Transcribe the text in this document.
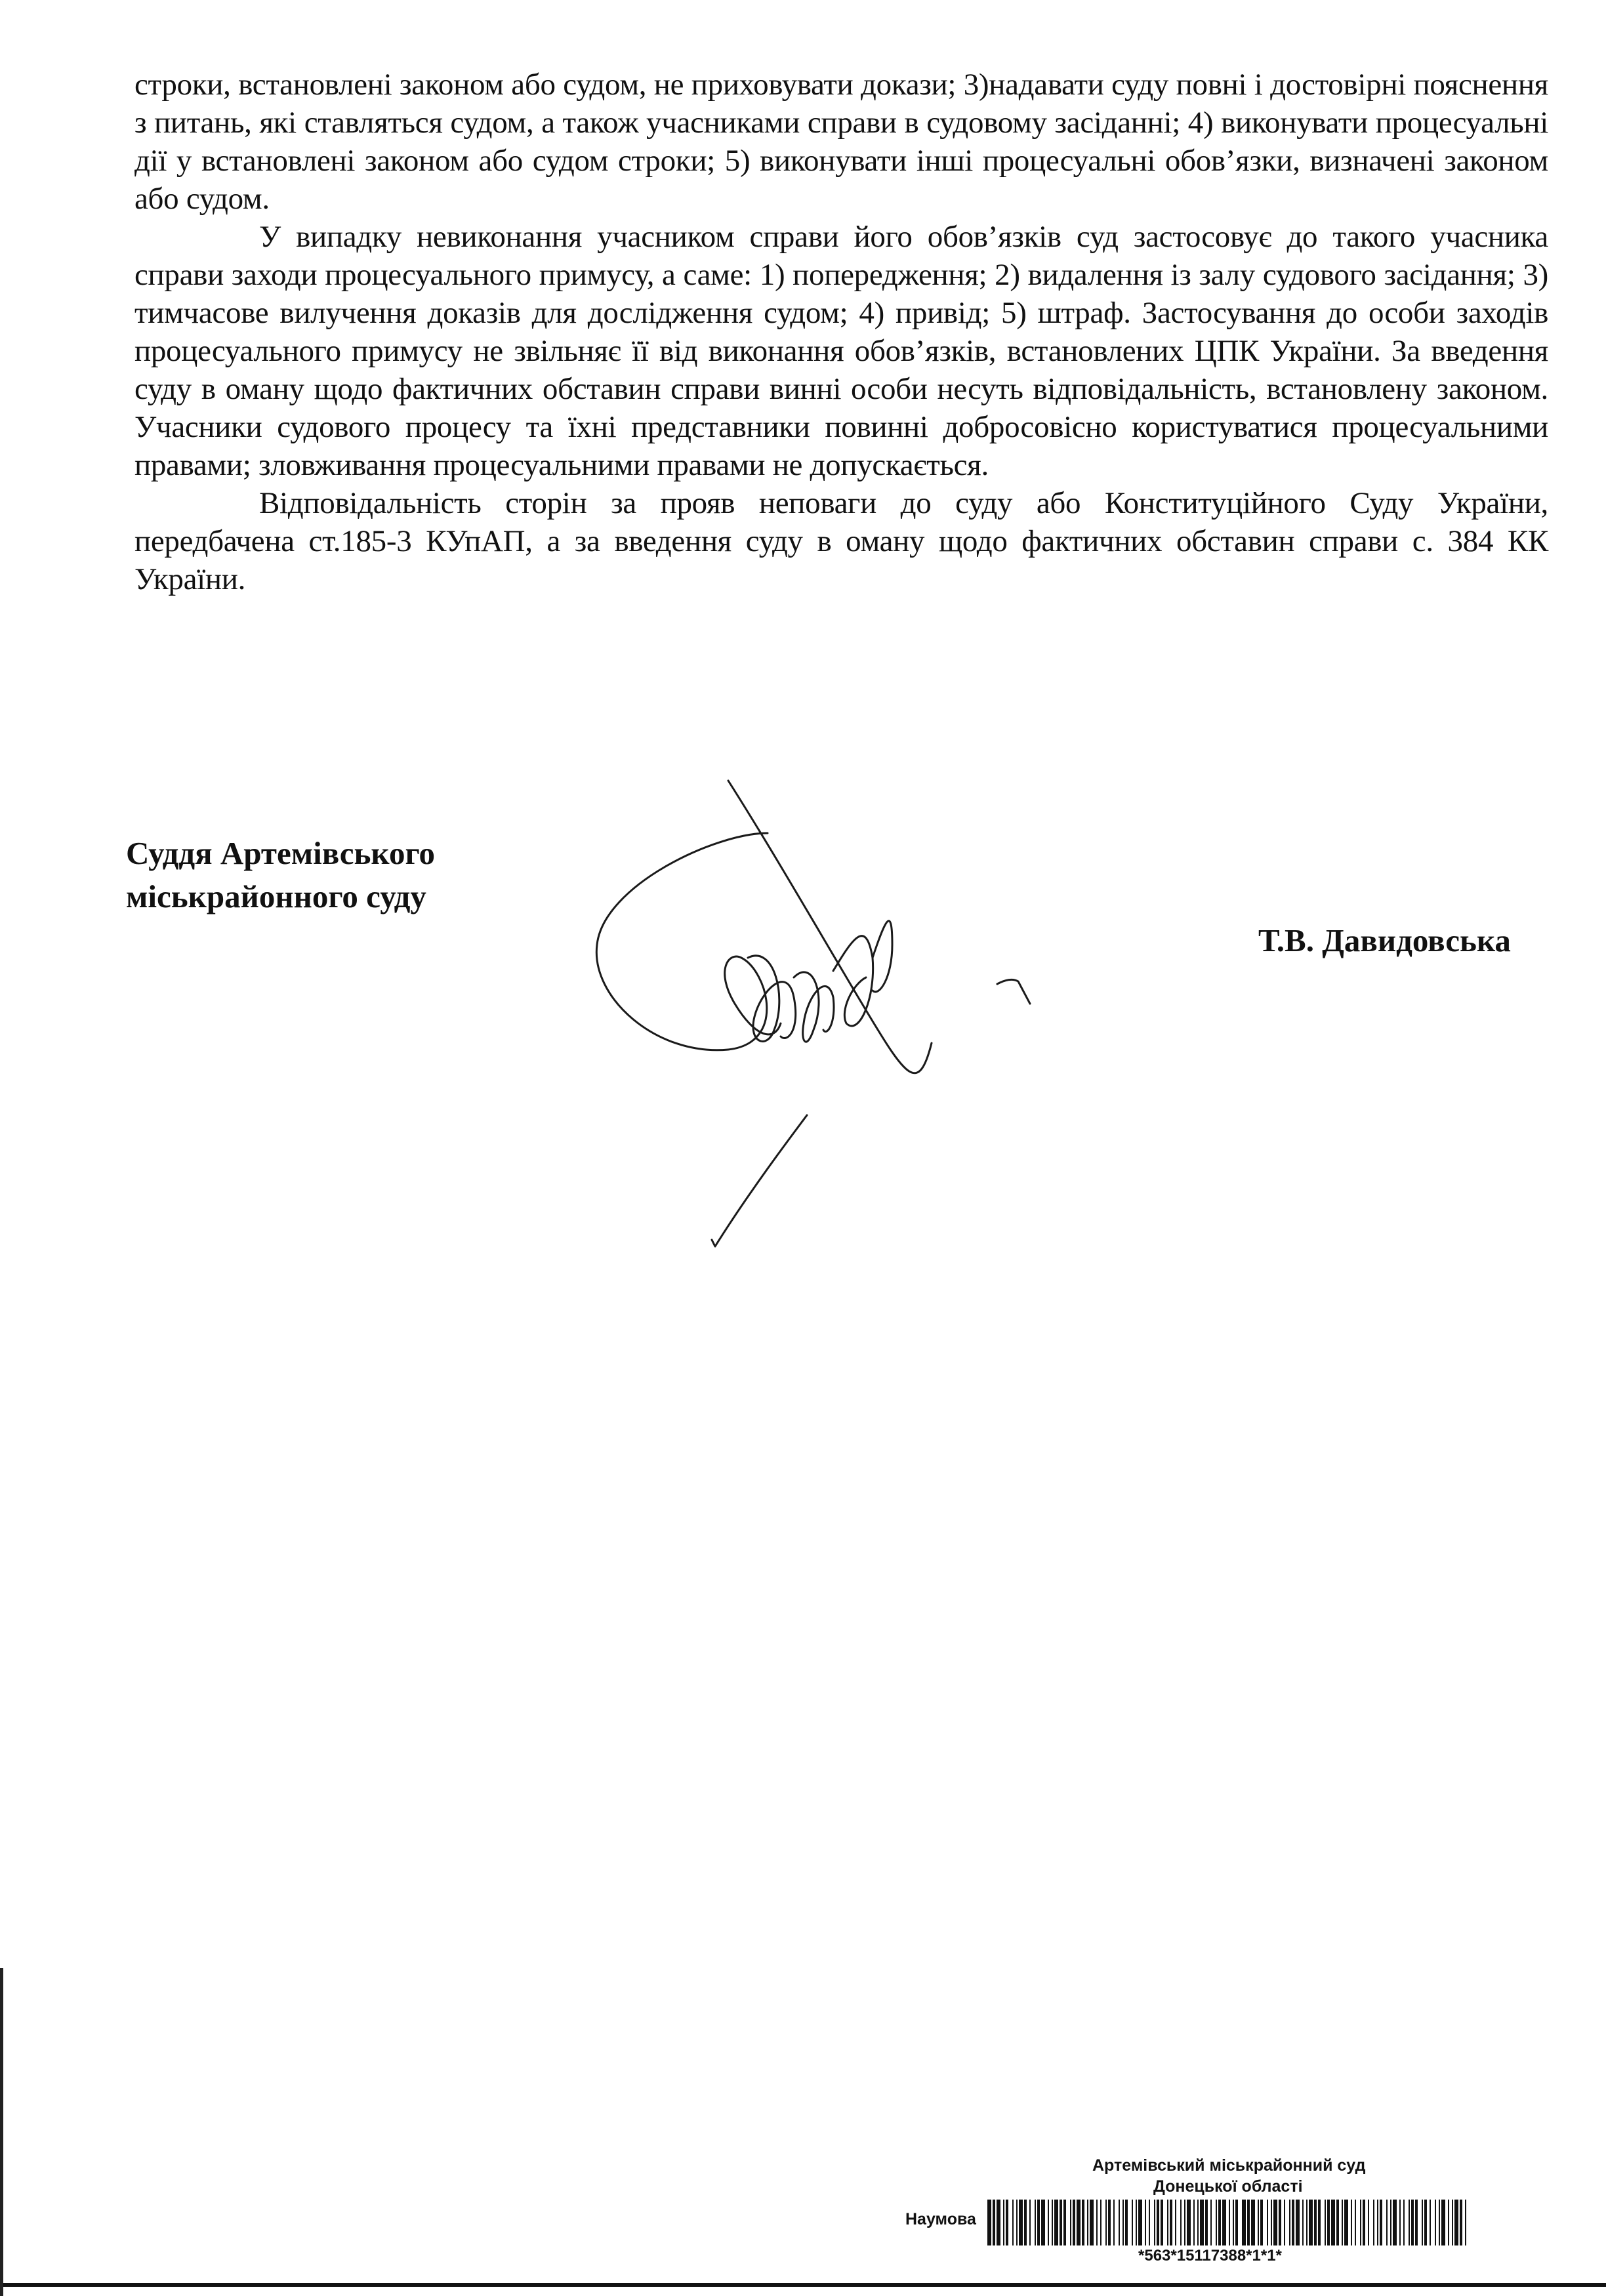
строки, встановлені законом або судом, не приховувати докази; 3)надавати суду повні і достовірні пояснення з питань, які ставляться судом, а також учасниками справи в судовому засіданні; 4) виконувати процесуальні дії у встановлені законом або судом строки; 5) виконувати інші процесуальні обов’язки, визначені законом або судом.

У випадку невиконання учасником справи його обов’язків суд застосовує до такого учасника справи заходи процесуального примусу, а саме: 1) попередження; 2) видалення із залу судового засідання; 3) тимчасове вилучення доказів для дослідження судом; 4) привід; 5) штраф. Застосування до особи заходів процесуального примусу не звільняє її від виконання обов’язків, встановлених ЦПК України. За введення суду в оману щодо фактичних обставин справи винні особи несуть відповідальність, встановлену законом. Учасники судового процесу та їхні представники повинні добросовісно користуватися процесуальними правами; зловживання процесуальними правами не допускається.

Відповідальність сторін за прояв неповаги до суду або Конституційного Суду України, передбачена ст.185-3 КУпАП, а за введення суду в оману щодо фактичних обставин справи с. 384 КК України.

Суддя Артемівського
міськрайонного суду
Т.В. Давидовська
Артемівський міськрайонний суд
Донецької області
Наумова
*563*15117388*1*1*
